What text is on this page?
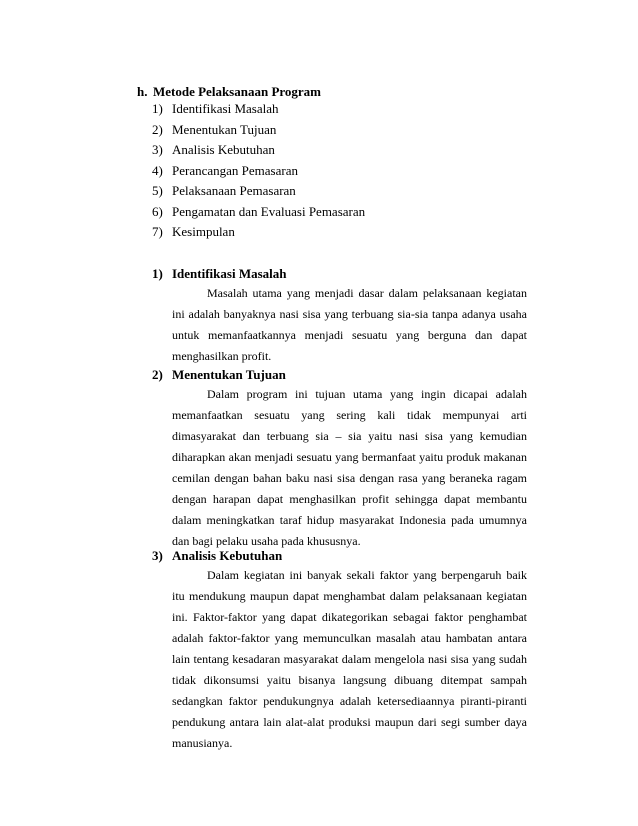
h. Metode Pelaksanaan Program
1) Identifikasi Masalah
2) Menentukan Tujuan
3) Analisis Kebutuhan
4) Perancangan Pemasaran
5) Pelaksanaan Pemasaran
6) Pengamatan dan Evaluasi Pemasaran
7) Kesimpulan
1) Identifikasi Masalah

Masalah utama yang menjadi dasar dalam pelaksanaan kegiatan ini adalah banyaknya nasi sisa yang terbuang sia-sia tanpa adanya usaha untuk memanfaatkannya menjadi sesuatu yang berguna dan dapat menghasilkan profit.

2) Menentukan Tujuan

Dalam program ini tujuan utama yang ingin dicapai adalah memanfaatkan sesuatu yang sering kali tidak mempunyai arti dimasyarakat dan terbuang sia – sia yaitu nasi sisa yang kemudian diharapkan akan menjadi sesuatu yang bermanfaat yaitu produk makanan cemilan dengan bahan baku nasi sisa dengan rasa yang beraneka ragam dengan harapan dapat menghasilkan profit sehingga dapat membantu dalam meningkatkan taraf hidup masyarakat Indonesia pada umumnya dan bagi pelaku usaha pada khususnya.

3) Analisis Kebutuhan

Dalam kegiatan ini banyak sekali faktor yang berpengaruh baik itu mendukung maupun dapat menghambat dalam pelaksanaan kegiatan ini. Faktor-faktor yang dapat dikategorikan sebagai faktor penghambat adalah faktor-faktor yang memunculkan masalah atau hambatan antara lain tentang kesadaran masyarakat dalam mengelola nasi sisa yang sudah tidak dikonsumsi yaitu bisanya langsung dibuang ditempat sampah sedangkan faktor pendukungnya adalah ketersediaannya piranti-piranti pendukung antara lain alat-alat produksi maupun dari segi sumber daya manusianya.
